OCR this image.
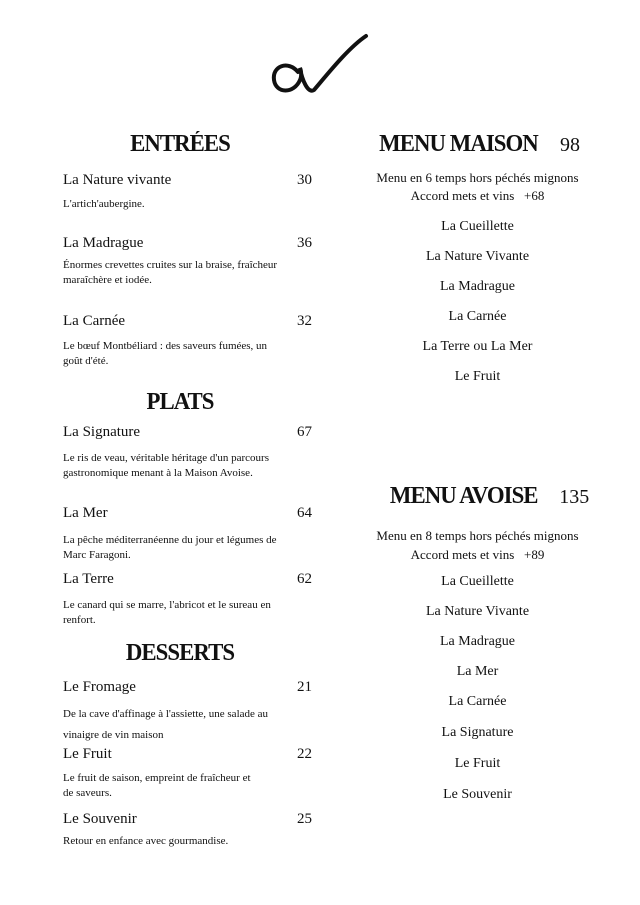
ENTRÉES
La Nature vivante	30
L'artich'aubergine.
La Madrague	36
Énormes crevettes cruites sur la braise, fraîcheur maraîchère et iodée.
La Carnée	32
Le bœuf Montbéliard : des saveurs fumées, un goût d'été.
PLATS
La Signature	67
Le ris de veau, véritable héritage d'un parcours gastronomique menant à la Maison Avoise.
La Mer	64
La pêche méditerranéenne du jour et légumes de Marc Faragoni.
La Terre	62
Le canard qui se marre, l'abricot et le sureau en renfort.
DESSERTS
Le Fromage	21
De la cave d'affinage à l'assiette, une salade au vinaigre de vin maison
Le Fruit	22
Le fruit de saison, empreint de fraîcheur et de saveurs.
Le Souvenir	25
Retour en enfance avec gourmandise.
MENU MAISON 98
Menu en 6 temps hors péchés mignons
Accord mets et vins +68
La Cueillette
La Nature Vivante
La Madrague
La Carnée
La Terre ou La Mer
Le Fruit
MENU AVOISE 135
Menu en 8 temps hors péchés mignons
Accord mets et vins +89
La Cueillette
La Nature Vivante
La Madrague
La Mer
La Carnée
La Signature
Le Fruit
Le Souvenir
